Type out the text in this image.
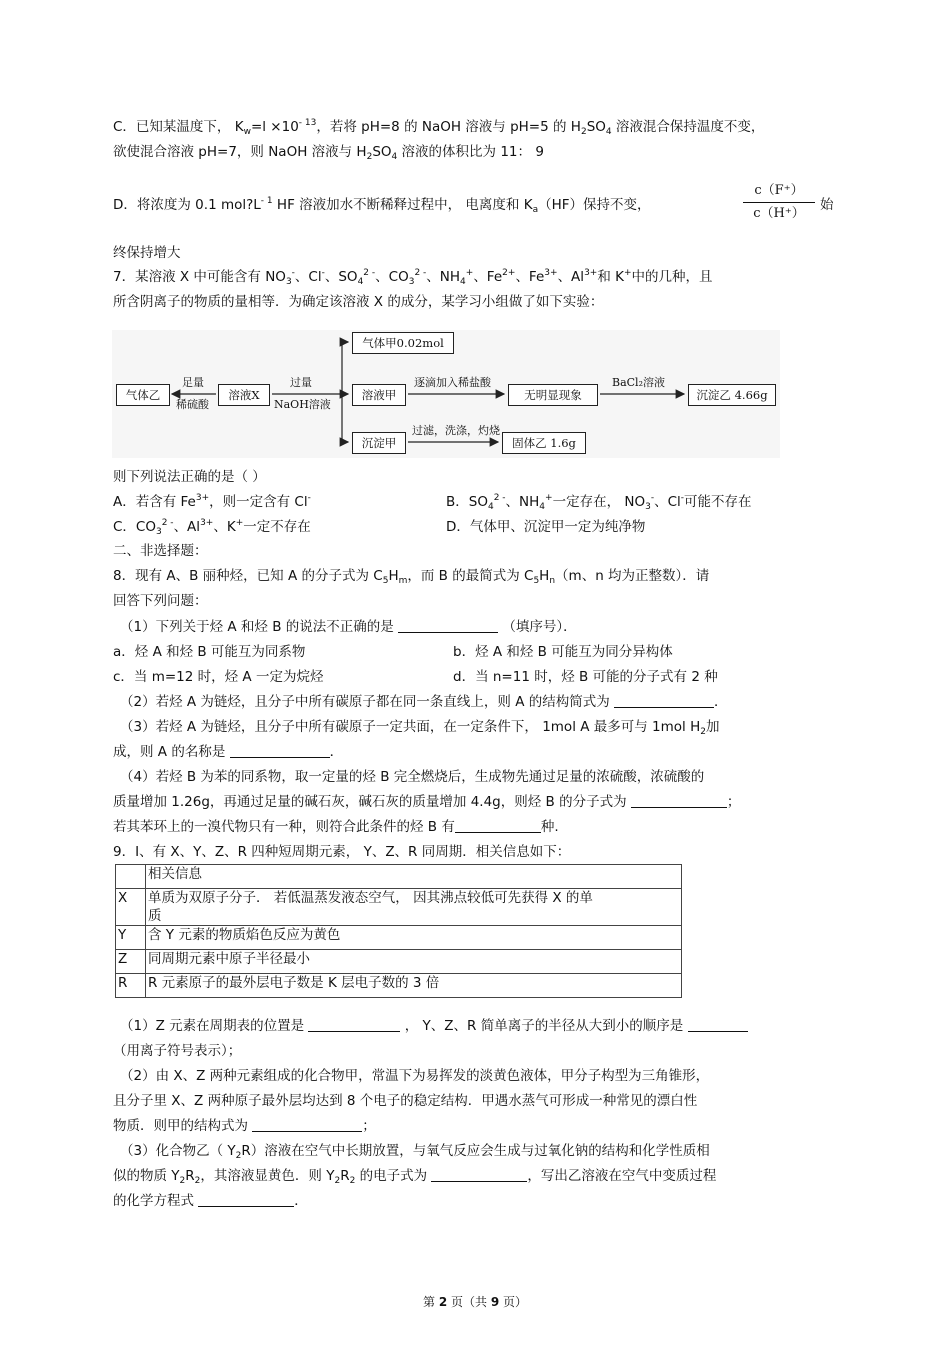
C．已知某温度下， $K_w=l \times 10^{- 13}$，若将 pH=8 的 NaOH 溶液与 pH=5 的 $H_2SO_4$ 溶液混合保持温度不变，
欲使混合溶液 pH=7，则 NaOH 溶液与 $H_2SO_4$ 溶液的体积比为 11： 9
D．将浓度为 0.1 $mol?L^{- 1}$ HF 溶液加水不断稀释过程中， 电离度和 $K_a(HF)$保持不变，	$\frac{c(F^+)}{c(H^+)}$ 始
终保持增大
7．某溶液 X 中可能含有 $NO_3^-$、Cl-、$SO_4^{2 -}$、$CO_3^{2 -}$、$NH_4^+$、$Fe^{2+}$、$Fe^{3+}$、$Al^{3+}$和 K+中的几种，且
所含阴离子的物质的量相等．为确定该溶液 X 的成分，某学习小组做了如下实验：
气体乙
足量
稀硫酸
溶液X
过量
NaOH溶液
气体甲0.02mol
溶液甲
逐滴加入稀盐酸
无明显现象
BaCl₂溶液
沉淀乙 4.66g
沉淀甲
过滤，洗涤，灼烧
固体乙 1.6g
则下列说法正确的是（ ）
A．若含有 $Fe^{3+}$，则一定含有 Cl-	B．$SO_4^{2 -}$、$NH_4^+$一定存在， $NO_3^-$、Cl-可能不存在
C．$CO_3^{2 -}$、$Al^{3+}$、K+一定不存在	D．气体甲、沉淀甲一定为纯净物
二、非选择题：
8．现有 A、B 丽种烃，已知 A 的分子式为 $C_5H_m$，而 B 的最简式为 $C_5H_n(m$、n 均为正整数）．请
回答下列问题：
（1）下列关于烃 A 和烃 B 的说法不正确的是	（填序号）．
a．烃 A 和烃 B 可能互为同系物	b．烃 A 和烃 B 可能互为同分异构体
c．当 m=12 时，烃 A 一定为烷烃	d．当 n=11 时，烃 B 可能的分子式有 2 种
（2）若烃 A 为链烃，且分子中所有碳原子都在同一条直线上，则 A 的结构简式为	．
（3）若烃 A 为链烃，且分子中所有碳原子一定共面，在一定条件下， 1mol A 最多可与 1mol $H_2$加
成，则 A 的名称是	．
（4）若烃 B 为苯的同系物，取一定量的烃 B 完全燃烧后，生成物先通过足量的浓硫酸，浓硫酸的
质量增加 1.26g，再通过足量的碱石灰，碱石灰的质量增加 4.4g，则烃 B 的分子式为	；
若其苯环上的一溴代物只有一种，则符合此条件的烃 B 有	种.
9．Ⅰ、有 X、Y、Z、R 四种短周期元素， Y、Z、R 同周期．相关信息如下：
	相关信息
X	单质为双原子分子． 若低温蒸发液态空气， 因其沸点较低可先获得 X 的单
质
Y	含 Y 元素的物质焰色反应为黄色
Z	同周期元素中原子半径最小
R	R 元素原子的最外层电子数是 K 层电子数的 3 倍
（1）Z 元素在周期表的位置是	， Y、Z、R 简单离子的半径从大到小的顺序是
（用离子符号表示）；
（2）由 X、Z 两种元素组成的化合物甲，常温下为易挥发的淡黄色液体，甲分子构型为三角锥形，
且分子里 X、Z 两种原子最外层均达到 8 个电子的稳定结构．甲遇水蒸气可形成一种常见的漂白性
物质．则甲的结构式为	；
（3）化合物乙（ $Y_2R$）溶液在空气中长期放置，与氧气反应会生成与过氧化钠的结构和化学性质相
似的物质 $Y_2R_2$，其溶液显黄色．则 $Y_2R_2$ 的电子式为	，写出乙溶液在空气中变质过程
的化学方程式	．
第 2 页（共 9 页）
